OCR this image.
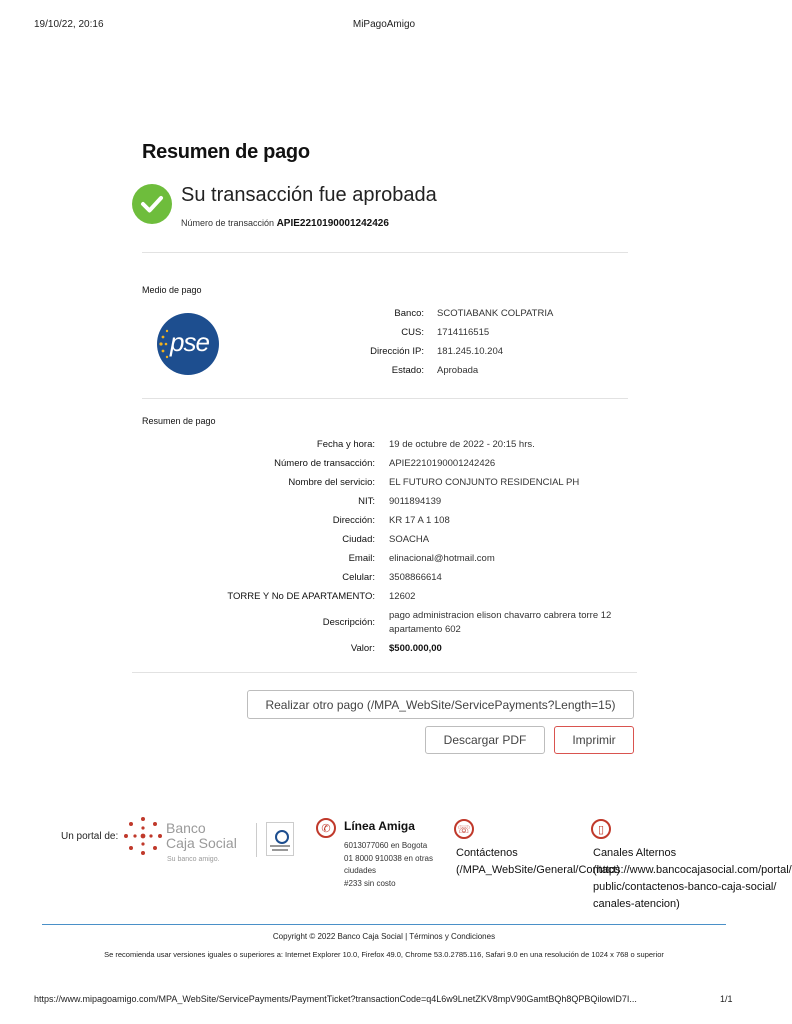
19/10/22, 20:16	MiPagoAmigo
Resumen de pago
Su transacción fue aprobada
Número de transacción APIE2210190001242426
Medio de pago
pse
Banco: SCOTIABANK COLPATRIA
CUS: 1714116515
Dirección IP: 181.245.10.204
Estado: Aprobada
Resumen de pago
Fecha y hora: 19 de octubre de 2022 - 20:15 hrs.
Número de transacción: APIE2210190001242426
Nombre del servicio: EL FUTURO CONJUNTO RESIDENCIAL PH
NIT: 9011894139
Dirección: KR 17 A 1 108
Ciudad: SOACHA
Email: elinacional@hotmail.com
Celular: 3508866614
TORRE Y No DE APARTAMENTO: 12602
Descripción:
pago administracion elison chavarro cabrera torre 12 apartamento 602
Valor: $500.000,00
Realizar otro pago (/MPA_WebSite/ServicePayments?Length=15)
Descargar PDF	Imprimir
Un portal de:
Banco
Caja Social
Su banco amigo.
✆	Línea Amiga
6013077060 en Bogota
01 8000 910038 en otras ciudades
#233 sin costo
☏
Contáctenos
(/MPA_WebSite/General/Contact)
▯
Canales Alternos
(https://www.bancocajasocial.com/portal/
public/contactenos-banco-caja-social/
canales-atencion)
Copyright © 2022 Banco Caja Social | Términos y Condiciones
Se recomienda usar versiones iguales o superiores a: Internet Explorer 10.0, Firefox 49.0, Chrome 53.0.2785.116, Safari 9.0 en una resolución de 1024 x 768 o superior
https://www.mipagoamigo.com/MPA_WebSite/ServicePayments/PaymentTicket?transactionCode=q4L6w9LnetZKV8mpV90GamtBQh8QPBQilowID7I...	1/1
